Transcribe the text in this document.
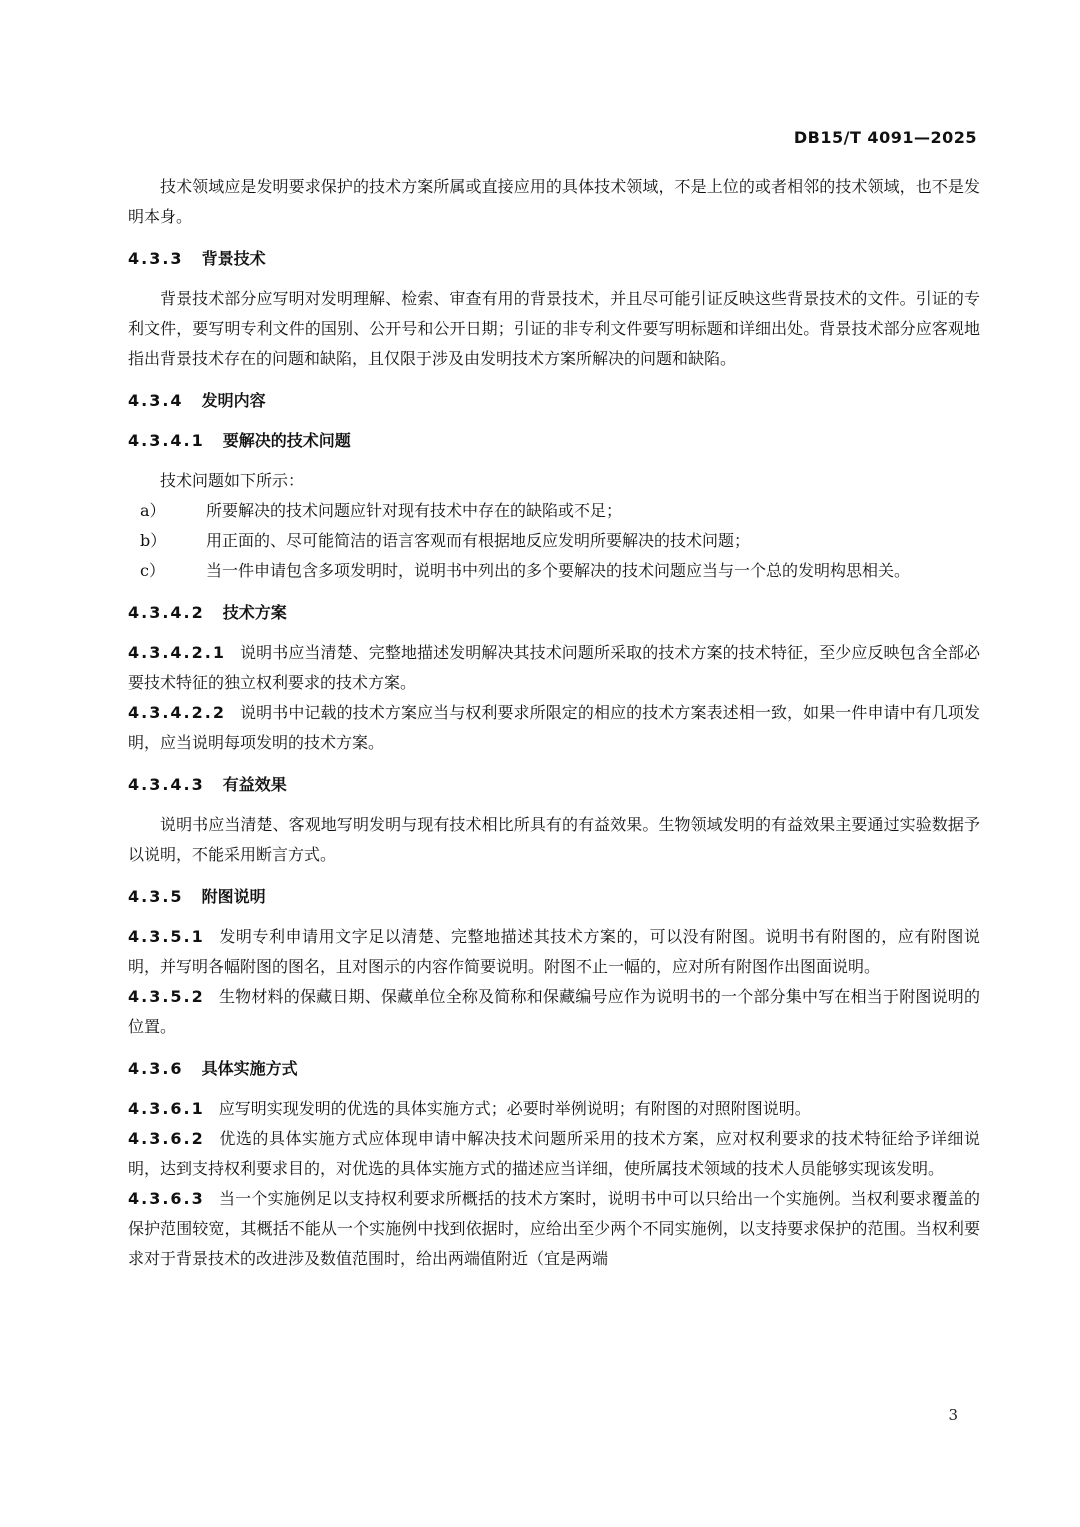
DB15/T 4091—2025

技术领域应是发明要求保护的技术方案所属或直接应用的具体技术领域，不是上位的或者相邻的技术领域，也不是发明本身。

4.3.3 背景技术

背景技术部分应写明对发明理解、检索、审查有用的背景技术，并且尽可能引证反映这些背景技术的文件。引证的专利文件，要写明专利文件的国别、公开号和公开日期；引证的非专利文件要写明标题和详细出处。背景技术部分应客观地指出背景技术存在的问题和缺陷，且仅限于涉及由发明技术方案所解决的问题和缺陷。

4.3.4 发明内容
4.3.4.1 要解决的技术问题

技术问题如下所示：

a）	所要解决的技术问题应针对现有技术中存在的缺陷或不足；

b） 用正面的、尽可能简洁的语言客观而有根据地反应发明所要解决的技术问题；

c）	当一件申请包含多项发明时，说明书中列出的多个要解决的技术问题应当与一个总的发明构思相关。

4.3.4.2 技术方案

4.3.4.2.1 说明书应当清楚、完整地描述发明解决其技术问题所采取的技术方案的技术特征，至少应反映包含全部必要技术特征的独立权利要求的技术方案。

4.3.4.2.2 说明书中记载的技术方案应当与权利要求所限定的相应的技术方案表述相一致，如果一件申请中有几项发明，应当说明每项发明的技术方案。

4.3.4.3 有益效果

说明书应当清楚、客观地写明发明与现有技术相比所具有的有益效果。生物领域发明的有益效果主要通过实验数据予以说明，不能采用断言方式。

4.3.5 附图说明

4.3.5.1 发明专利申请用文字足以清楚、完整地描述其技术方案的，可以没有附图。说明书有附图的，应有附图说明，并写明各幅附图的图名，且对图示的内容作简要说明。附图不止一幅的，应对所有附图作出图面说明。

4.3.5.2 生物材料的保藏日期、保藏单位全称及简称和保藏编号应作为说明书的一个部分集中写在相当于附图说明的位置。

4.3.6 具体实施方式

4.3.6.1 应写明实现发明的优选的具体实施方式；必要时举例说明；有附图的对照附图说明。

4.3.6.2 优选的具体实施方式应体现申请中解决技术问题所采用的技术方案，应对权利要求的技术特征给予详细说明，达到支持权利要求目的，对优选的具体实施方式的描述应当详细，使所属技术领域的技术人员能够实现该发明。

4.3.6.3 当一个实施例足以支持权利要求所概括的技术方案时，说明书中可以只给出一个实施例。当权利要求覆盖的保护范围较宽，其概括不能从一个实施例中找到依据时，应给出至少两个不同实施例，以支持要求保护的范围。当权利要求对于背景技术的改进涉及数值范围时，给出两端值附近（宜是两端

3
